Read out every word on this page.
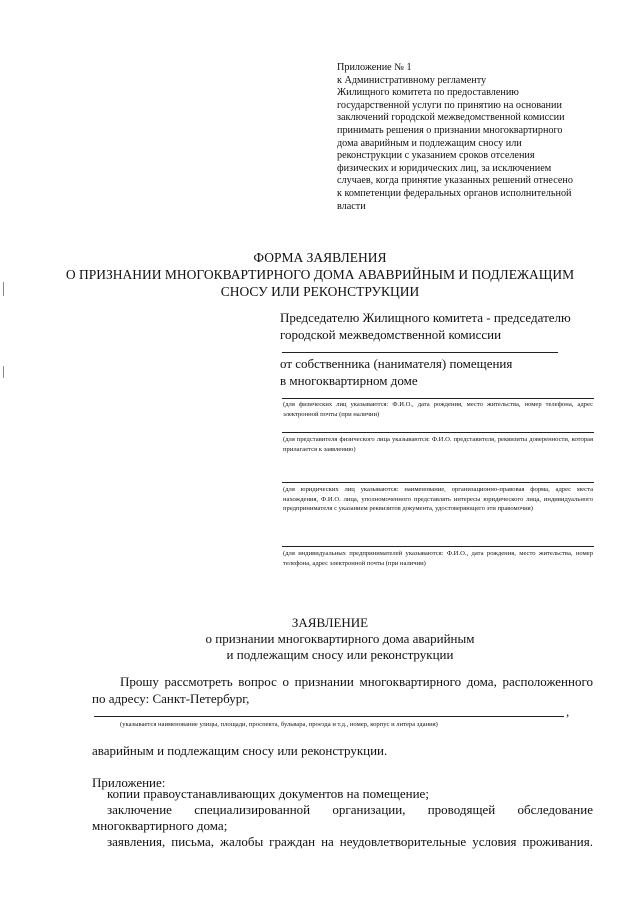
Приложение № 1
к Административному регламенту
Жилищного комитета по предоставлению
государственной услуги по принятию на основании
заключений городской межведомственной комиссии
принимать решения о признании многоквартирного
дома аварийным и подлежащим сносу или
реконструкции с указанием сроков отселения
физических и юридических лиц, за исключением
случаев, когда принятие указанных решений отнесено
к компетенции федеральных органов исполнительной
власти
ФОРМА ЗАЯВЛЕНИЯ
О ПРИЗНАНИИ МНОГОКВАРТИРНОГО ДОМА АВАВРИЙНЫМ И ПОДЛЕЖАЩИМ
СНОСУ ИЛИ РЕКОНСТРУКЦИИ
Председателю Жилищного комитета - председателю
городской межведомственной комиссии
от собственника (нанимателя) помещения
в многоквартирном доме
(для физических лиц указываются: Ф.И.О., дата рождения, место жительства, номер телефона, адрес электронной почты (при наличии)
(для представителя физического лица указываются: Ф.И.О. представителя, реквизиты доверенности, которая прилагается к заявлению)
(для юридических лиц указываются: наименование, организационно-правовая форма, адрес места нахождения, Ф.И.О. лица, уполномоченного представлять интересы юридического лица, индивидуального предпринимателя с указанием реквизитов документа, удостоверяющего эти правомочия)
(для индивидуальных предпринимателей указываются: Ф.И.О., дата рождения, место жительства, номер телефона, адрес электронной почты (при наличии)
ЗАЯВЛЕНИЕ
о признании многоквартирного дома аварийным
и подлежащим сносу или реконструкции
Прошу рассмотреть вопрос о признании многоквартирного дома, расположенного
по адресу: Санкт-Петербург,
,
(указывается наименование улицы, площади, проспекта, бульвара, проезда и т.д., номер, корпус и литера здания)
аварийным и подлежащим сносу или реконструкции.
Приложение:
копии правоустанавливающих документов на помещение;
заключение специализированной организации, проводящей обследование
многоквартирного дома;
заявления, письма, жалобы граждан на неудовлетворительные условия проживания.
